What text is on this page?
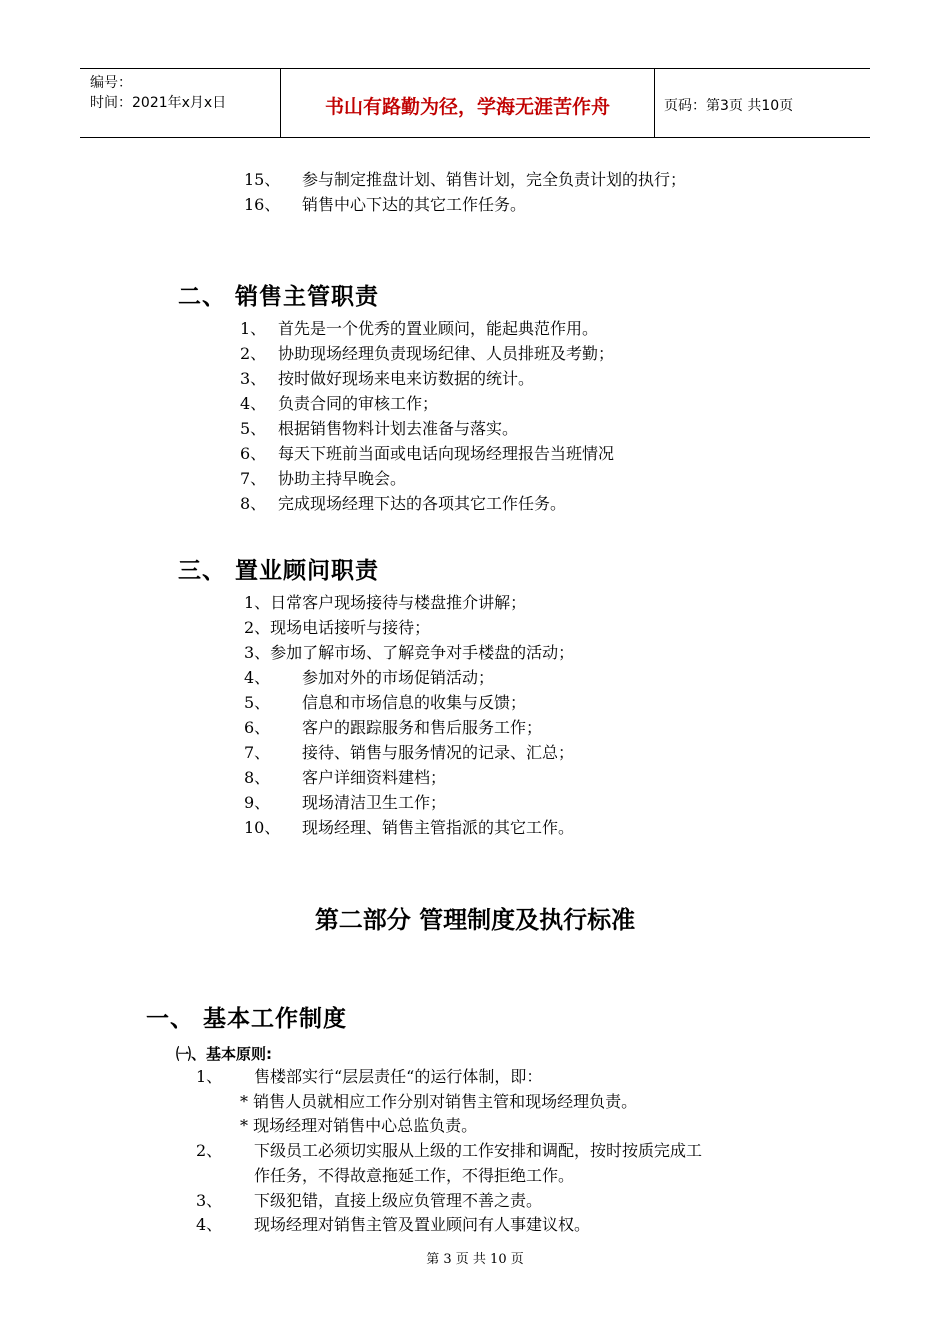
编号：
时间：2021年x月x日	书山有路勤为径，学海无涯苦作舟	页码：第3页 共10页
15、 参与制定推盘计划、销售计划，完全负责计划的执行；
16、 销售中心下达的其它工作任务。
二、 销售主管职责
1、 首先是一个优秀的置业顾问，能起典范作用。
2、 协助现场经理负责现场纪律、人员排班及考勤；
3、 按时做好现场来电来访数据的统计。
4、 负责合同的审核工作；
5、 根据销售物料计划去准备与落实。
6、 每天下班前当面或电话向现场经理报告当班情况
7、 协助主持早晚会。
8、 完成现场经理下达的各项其它工作任务。
三、 置业顾问职责
1、日常客户现场接待与楼盘推介讲解；
2、现场电话接听与接待；
3、参加了解市场、了解竞争对手楼盘的活动；
4、 参加对外的市场促销活动；
5、 信息和市场信息的收集与反馈；
6、 客户的跟踪服务和售后服务工作；
7、 接待、销售与服务情况的记录、汇总；
8、 客户详细资料建档；
9、 现场清洁卫生工作；
10、 现场经理、销售主管指派的其它工作。
第二部分 管理制度及执行标准
一、 基本工作制度
㈠、基本原则:
1、 售楼部实行“层层责任“的运行体制，即：
* 销售人员就相应工作分别对销售主管和现场经理负责。
* 现场经理对销售中心总监负责。
2、 下级员工必须切实服从上级的工作安排和调配，按时按质完成工
作任务，不得故意拖延工作，不得拒绝工作。
3、 下级犯错，直接上级应负管理不善之责。
4、 现场经理对销售主管及置业顾问有人事建议权。
第 3 页 共 10 页
